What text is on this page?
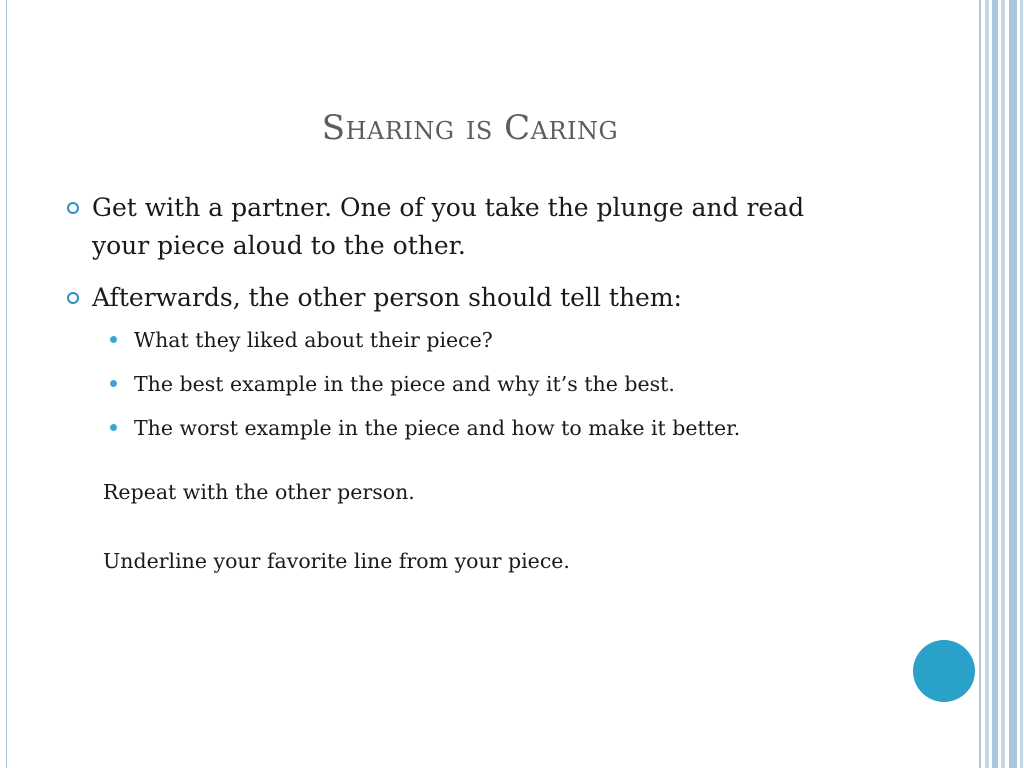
Sharing is Caring
Get with a partner. One of you take the plunge and read your piece aloud to the other.
Afterwards, the other person should tell them:
What they liked about their piece?
The best example in the piece and why it’s the best.
The worst example in the piece and how to make it better.
Repeat with the other person.
Underline your favorite line from your piece.
